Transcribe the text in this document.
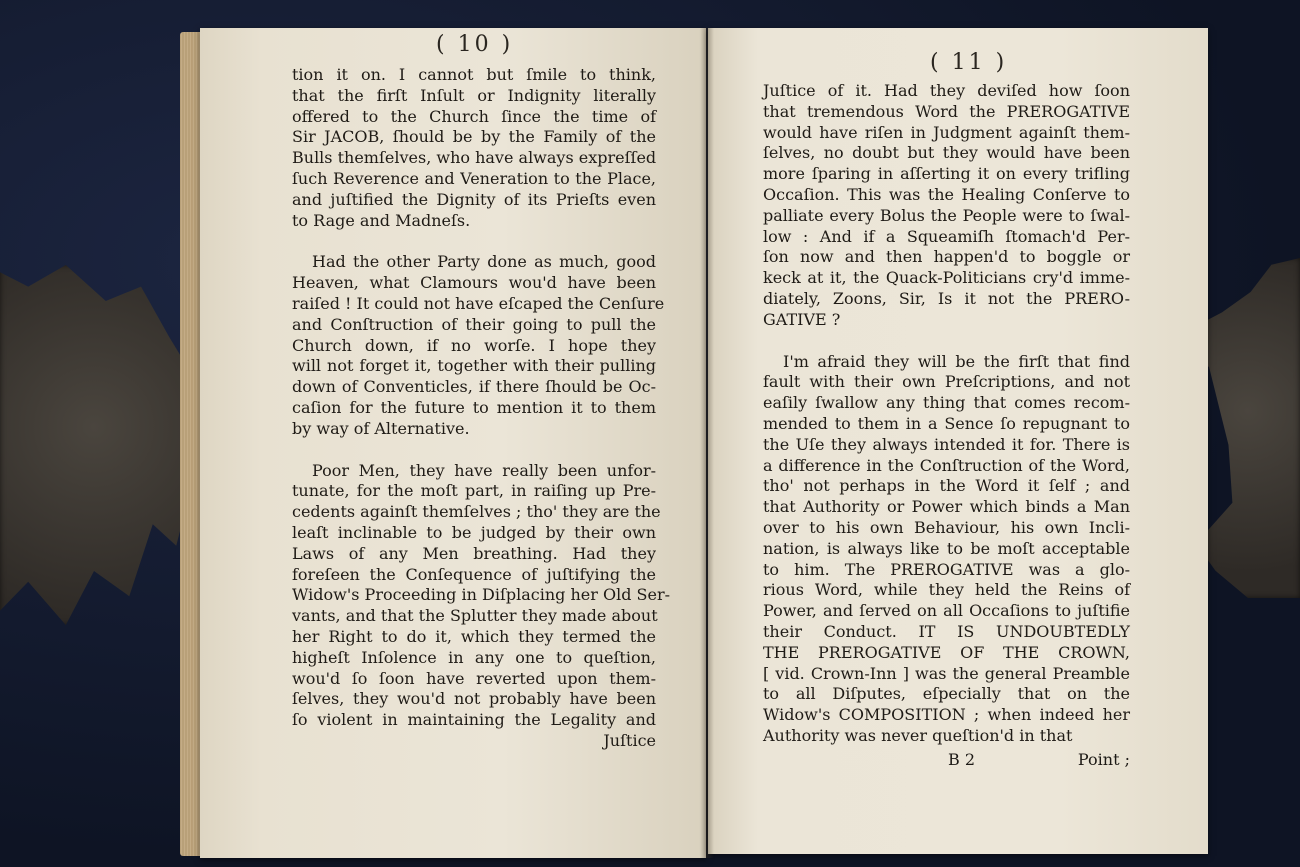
( 10 )
tion it on. I cannot but ſmile to think,
that the firſt Inſult or Indignity literally
offered to the Church ſince the time of
Sir JACOB, ſhould be by the Family of the
Bulls themſelves, who have always expreſſed
ſuch Reverence and Veneration to the Place,
and juſtified the Dignity of its Prieſts even
to Rage and Madneſs.
Had the other Party done as much, good
Heaven, what Clamours wou'd have been
raiſed ! It could not have eſcaped the Cenſure
and Conſtruction of their going to pull the
Church down, if no worſe. I hope they
will not forget it, together with their pulling
down of Conventicles, if there ſhould be Oc-
caſion for the future to mention it to them
by way of Alternative.
Poor Men, they have really been unfor-
tunate, for the moſt part, in raiſing up Pre-
cedents againſt themſelves ; tho' they are the
leaſt inclinable to be judged by their own
Laws of any Men breathing. Had they
foreſeen the Conſequence of juſtifying the
Widow's Proceeding in Diſplacing her Old Ser-
vants, and that the Splutter they made about
her Right to do it, which they termed the
higheſt Inſolence in any one to queſtion,
wou'd ſo ſoon have reverted upon them-
ſelves, they wou'd not probably have been
ſo violent in maintaining the Legality and
Juſtice
( 11 )
Juſtice of it. Had they deviſed how ſoon
that tremendous Word the PREROGATIVE
would have riſen in Judgment againſt them-
ſelves, no doubt but they would have been
more ſparing in aſſerting it on every trifling
Occaſion. This was the Healing Conſerve to
palliate every Bolus the People were to ſwal-
low : And if a Squeamiſh ſtomach'd Per-
ſon now and then happen'd to boggle or
keck at it, the Quack-Politicians cry'd imme-
diately, Zoons, Sir, Is it not the PRERO-
GATIVE ?
I'm afraid they will be the firſt that find
fault with their own Preſcriptions, and not
eaſily ſwallow any thing that comes recom-
mended to them in a Sence ſo repugnant to
the Uſe they always intended it for. There is
a difference in the Conſtruction of the Word,
tho' not perhaps in the Word it ſelf ; and
that Authority or Power which binds a Man
over to his own Behaviour, his own Incli-
nation, is always like to be moſt acceptable
to him. The PREROGATIVE was a glo-
rious Word, while they held the Reins of
Power, and ſerved on all Occaſions to juſtifie
their Conduct. IT IS UNDOUBTEDLY
THE PREROGATIVE OF THE CROWN,
[ vid. Crown-Inn ] was the general Preamble
to all Diſputes, eſpecially that on the
Widow's COMPOSITION ; when indeed her
Authority was never queſtion'd in that
B 2	Point ;
